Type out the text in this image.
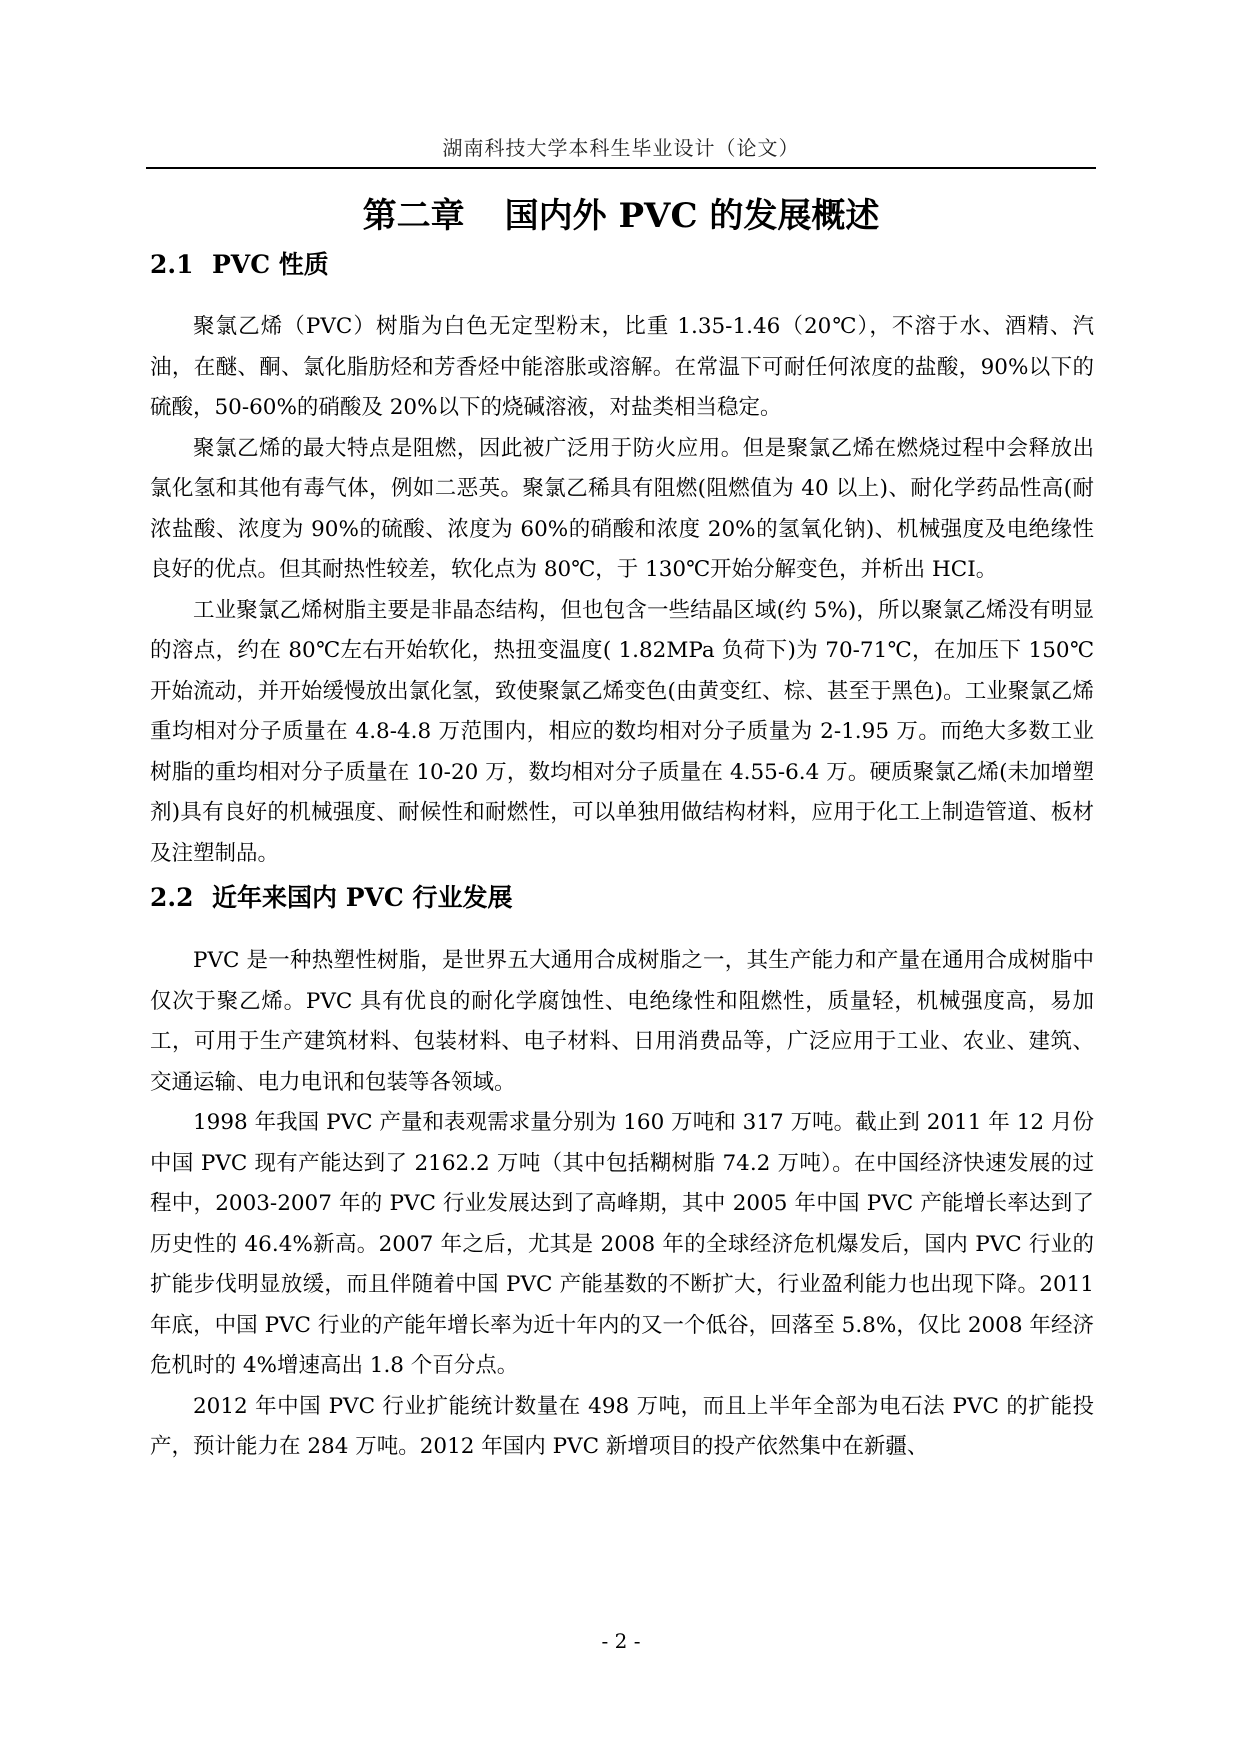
湖南科技大学本科生毕业设计（论文）
第二章 国内外 PVC 的发展概述
2.1 PVC 性质

聚氯乙烯（PVC）树脂为白色无定型粉末，比重 1.35-1.46（20℃），不溶于水、酒精、汽油，在醚、酮、氯化脂肪烃和芳香烃中能溶胀或溶解。在常温下可耐任何浓度的盐酸，90%以下的硫酸，50-60%的硝酸及 20%以下的烧碱溶液，对盐类相当稳定。

聚氯乙烯的最大特点是阻燃，因此被广泛用于防火应用。但是聚氯乙烯在燃烧过程中会释放出氯化氢和其他有毒气体，例如二恶英。聚氯乙稀具有阻燃(阻燃值为 40 以上)、耐化学药品性高(耐浓盐酸、浓度为 90%的硫酸、浓度为 60%的硝酸和浓度 20%的氢氧化钠)、机械强度及电绝缘性良好的优点。但其耐热性较差，软化点为 80℃，于 130℃开始分解变色，并析出 HCI。

工业聚氯乙烯树脂主要是非晶态结构，但也包含一些结晶区域(约 5%)，所以聚氯乙烯没有明显的溶点，约在 80℃左右开始软化，热扭变温度( 1.82MPa 负荷下)为 70-71℃，在加压下 150℃开始流动，并开始缓慢放出氯化氢，致使聚氯乙烯变色(由黄变红、棕、甚至于黑色)。工业聚氯乙烯重均相对分子质量在 4.8-4.8 万范围内，相应的数均相对分子质量为 2-1.95 万。而绝大多数工业树脂的重均相对分子质量在 10-20 万，数均相对分子质量在 4.55-6.4 万。硬质聚氯乙烯(未加增塑剂)具有良好的机械强度、耐候性和耐燃性，可以单独用做结构材料，应用于化工上制造管道、板材及注塑制品。

2.2 近年来国内 PVC 行业发展

PVC 是一种热塑性树脂，是世界五大通用合成树脂之一，其生产能力和产量在通用合成树脂中仅次于聚乙烯。PVC 具有优良的耐化学腐蚀性、电绝缘性和阻燃性，质量轻，机械强度高，易加工，可用于生产建筑材料、包装材料、电子材料、日用消费品等，广泛应用于工业、农业、建筑、交通运输、电力电讯和包装等各领域。

1998 年我国 PVC 产量和表观需求量分别为 160 万吨和 317 万吨。截止到 2011 年 12 月份中国 PVC 现有产能达到了 2162.2 万吨（其中包括糊树脂 74.2 万吨）。在中国经济快速发展的过程中，2003-2007 年的 PVC 行业发展达到了高峰期，其中 2005 年中国 PVC 产能增长率达到了历史性的 46.4%新高。2007 年之后，尤其是 2008 年的全球经济危机爆发后，国内 PVC 行业的扩能步伐明显放缓，而且伴随着中国 PVC 产能基数的不断扩大，行业盈利能力也出现下降。2011 年底，中国 PVC 行业的产能年增长率为近十年内的又一个低谷，回落至 5.8%，仅比 2008 年经济危机时的 4%增速高出 1.8 个百分点。

2012 年中国 PVC 行业扩能统计数量在 498 万吨，而且上半年全部为电石法 PVC 的扩能投产，预计能力在 284 万吨。2012 年国内 PVC 新增项目的投产依然集中在新疆、

- 2 -
